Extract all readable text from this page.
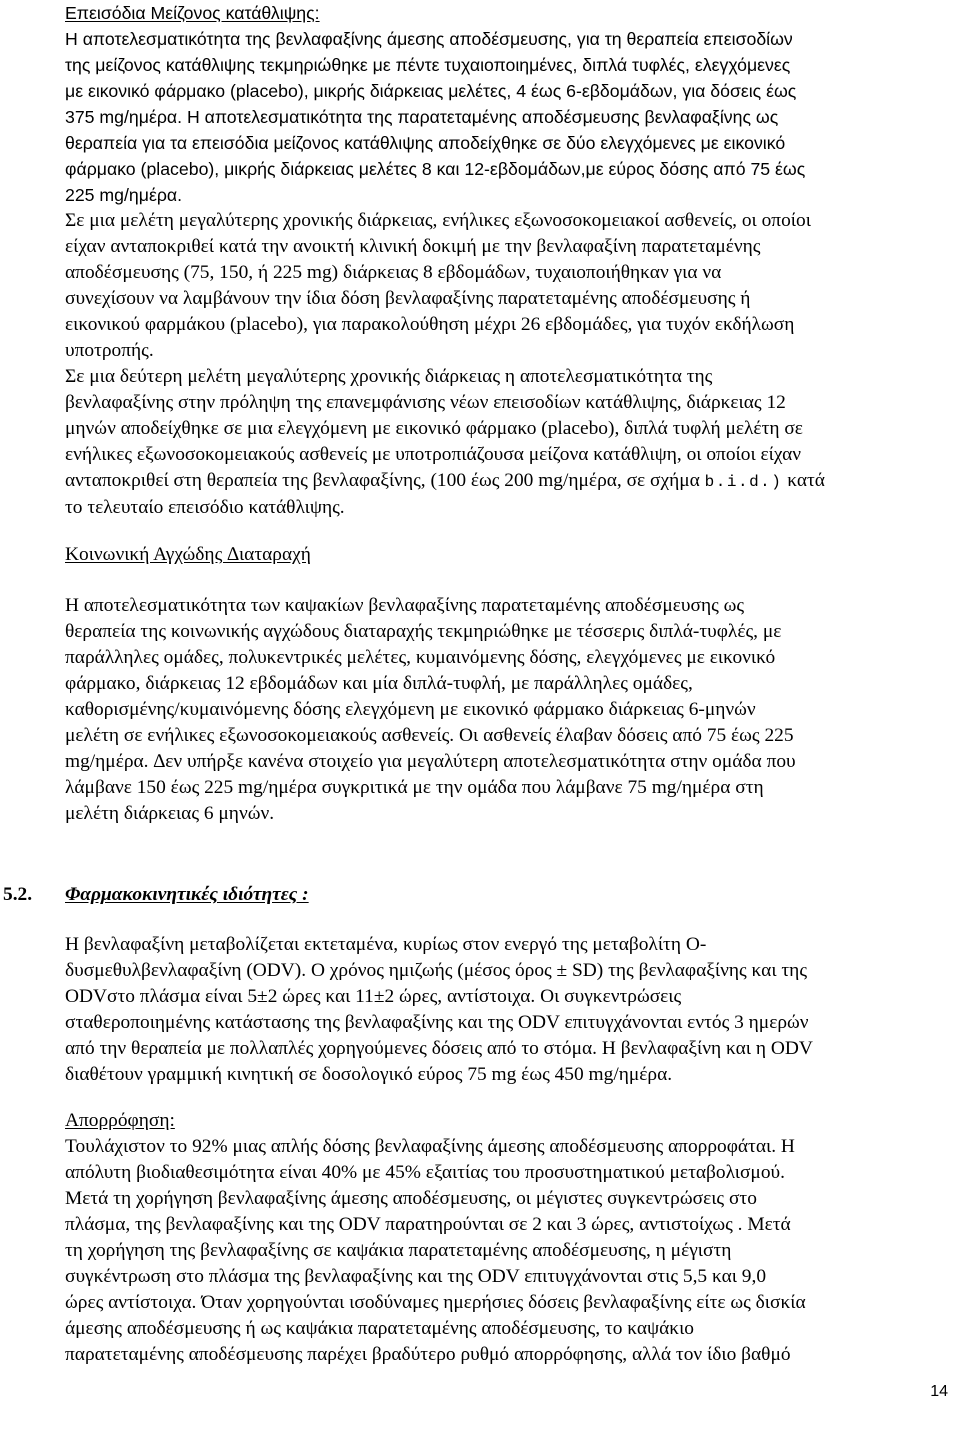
Επεισόδια Μείζονος κατάθλιψης:
Η αποτελεσματικότητα της βενλαφαξίνης άμεσης αποδέσμευσης, για τη θεραπεία επεισοδίων
της μείζονος κατάθλιψης τεκμηριώθηκε με πέντε τυχαιοποιημένες, διπλά τυφλές, ελεγχόμενες
με εικονικό φάρμακο (placebo), μικρής διάρκειας μελέτες, 4 έως 6-εβδομάδων, για δόσεις έως
375 mg/ημέρα. Η αποτελεσματικότητα της παρατεταμένης αποδέσμευσης βενλαφαξίνης ως
θεραπεία για τα επεισόδια μείζονος κατάθλιψης αποδείχθηκε σε δύο ελεγχόμενες με εικονικό
φάρμακο (placebo), μικρής διάρκειας μελέτες 8 και 12-εβδομάδων,με εύρος δόσης από 75 έως
225 mg/ημέρα.
Σε μια μελέτη μεγαλύτερης χρονικής διάρκειας, ενήλικες εξωνοσοκομειακοί ασθενείς, οι οποίοι
είχαν ανταποκριθεί κατά την ανοικτή κλινική δοκιμή με την βενλαφαξίνη παρατεταμένης
αποδέσμευσης (75, 150, ή 225 mg) διάρκειας 8 εβδομάδων, τυχαιοποιήθηκαν για να
συνεχίσουν να λαμβάνουν την ίδια δόση βενλαφαξίνης παρατεταμένης αποδέσμευσης ή
εικονικού φαρμάκου (placebo), για παρακολούθηση μέχρι 26 εβδομάδες, για τυχόν εκδήλωση
υποτροπής.
Σε μια δεύτερη μελέτη μεγαλύτερης χρονικής διάρκειας η αποτελεσματικότητα της
βενλαφαξίνης στην πρόληψη της επανεμφάνισης νέων επεισοδίων κατάθλιψης, διάρκειας 12
μηνών αποδείχθηκε σε μια ελεγχόμενη με εικονικό φάρμακο (placebo), διπλά τυφλή μελέτη σε
ενήλικες εξωνοσοκομειακούς ασθενείς με υποτροπιάζουσα μείζονα κατάθλιψη, οι οποίοι είχαν
ανταποκριθεί στη θεραπεία της βενλαφαξίνης, (100 έως 200 mg/ημέρα, σε σχήμα b.i.d.) κατά
το τελευταίο επεισόδιο κατάθλιψης.
Κοινωνική Αγχώδης ∆ιαταραχή
Η αποτελεσματικότητα των καψακίων βενλαφαξίνης παρατεταμένης αποδέσμευσης ως
θεραπεία της κοινωνικής αγχώδους διαταραχής τεκμηριώθηκε με τέσσερις διπλά-τυφλές, με
παράλληλες ομάδες, πολυκεντρικές μελέτες, κυμαινόμενης δόσης, ελεγχόμενες με εικονικό
φάρμακο, διάρκειας 12 εβδομάδων και μία διπλά-τυφλή, με παράλληλες ομάδες,
καθορισμένης/κυμαινόμενης δόσης ελεγχόμενη με εικονικό φάρμακο διάρκειας 6-μηνών
μελέτη σε ενήλικες εξωνοσοκομειακούς ασθενείς. Οι ασθενείς έλαβαν δόσεις από 75 έως 225
mg/ημέρα. ∆εν υπήρξε κανένα στοιχείο για μεγαλύτερη αποτελεσματικότητα στην ομάδα που
λάμβανε 150 έως 225 mg/ημέρα συγκριτικά με την ομάδα που λάμβανε 75 mg/ημέρα στη
μελέτη διάρκειας 6 μηνών.
5.2. Φαρμακοκινητικές ιδιότητες :
Η βενλαφαξίνη μεταβολίζεται εκτεταμένα, κυρίως στον ενεργό της μεταβολίτη Ο-
δυσμεθυλβενλαφαξίνη (ODV). Ο χρόνος ημιζωής (μέσος όρος ± SD) της βενλαφαξίνης και της
ODVστο πλάσμα είναι 5±2 ώρες και 11±2 ώρες, αντίστοιχα. Οι συγκεντρώσεις
σταθεροποιημένης κατάστασης της βενλαφαξίνης και της ODV επιτυγχάνονται εντός 3 ημερών
από την θεραπεία με πολλαπλές χορηγούμενες δόσεις από το στόμα. Η βενλαφαξίνη και η ODV
διαθέτουν γραμμική κινητική σε δοσολογικό εύρος 75 mg έως 450 mg/ημέρα.
Απορρόφηση:
Τουλάχιστον το 92% μιας απλής δόσης βενλαφαξίνης άμεσης αποδέσμευσης απορροφάται. Η
απόλυτη βιοδιαθεσιμότητα είναι 40% με 45% εξαιτίας του προσυστηματικού μεταβολισμού.
Μετά τη χορήγηση βενλαφαξίνης άμεσης αποδέσμευσης, οι μέγιστες συγκεντρώσεις στο
πλάσμα, της βενλαφαξίνης και της ODV παρατηρούνται σε 2 και 3 ώρες, αντιστοίχως . Μετά
τη χορήγηση της βενλαφαξίνης σε καψάκια παρατεταμένης αποδέσμευσης, η μέγιστη
συγκέντρωση στο πλάσμα της βενλαφαξίνης και της ODV επιτυγχάνονται στις 5,5 και 9,0
ώρες αντίστοιχα. Όταν χορηγούνται ισοδύναμες ημερήσιες δόσεις βενλαφαξίνης είτε ως δισκία
άμεσης αποδέσμευσης ή ως καψάκια παρατεταμένης αποδέσμευσης, το καψάκιο
παρατεταμένης αποδέσμευσης παρέχει βραδύτερο ρυθμό απορρόφησης, αλλά τον ίδιο βαθμό
14
